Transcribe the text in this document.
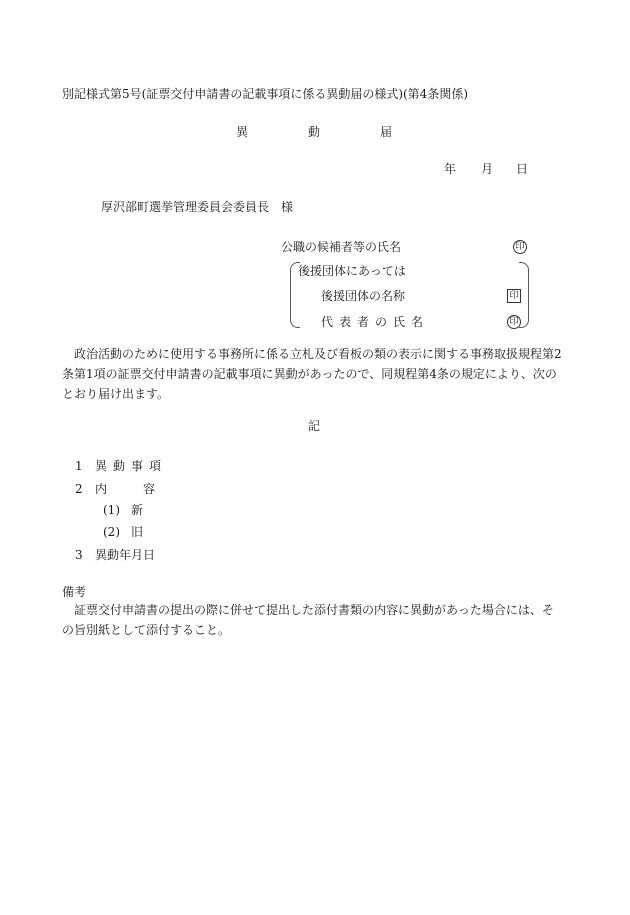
別記様式第5号(証票交付申請書の記載事項に係る異動届の様式)(第4条関係)
異	動	届
年 月 日
厚沢部町選挙管理委員会委員長　様
公職の候補者等の氏名	印
後援団体にあっては
後援団体の名称	印
代表者の氏名	印
政治活動のために使用する事務所に係る立札及び看板の類の表示に関する事務取扱規程第2条第1項の証票交付申請書の記載事項に異動があったので、同規程第4条の規定により、次のとおり届け出ます。
記
1 異動事項
2 内	容
(1) 新
(2) 旧
3 異動年月日
備考
証票交付申請書の提出の際に併せて提出した添付書類の内容に異動があった場合には、その旨別紙として添付すること。
